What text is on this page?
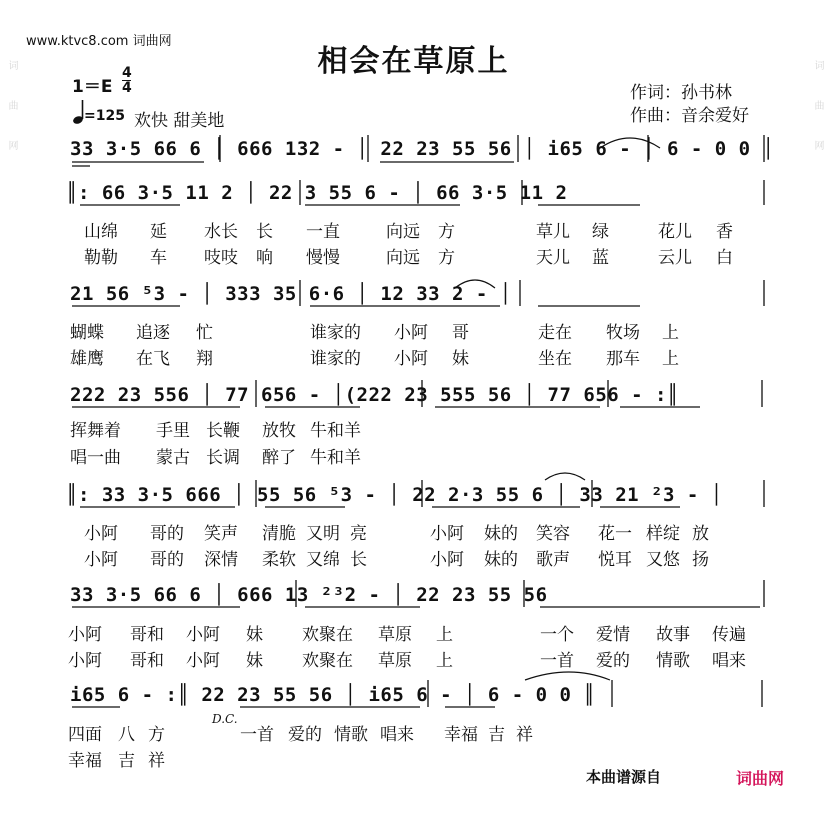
词曲网	词曲网
www.ktvc8.com 词曲网
相会在草原上
1＝E
4
4
=125 欢快 甜美地
作词：孙书林
作曲：音余爱好
33 3·5 66 6 │ 666 132 - │ 22 23 55 56 │ i65 6 - │ 6 - 0 0 │
║: 66 3·5 11 2 │ 22 3 55 6 - │ 66 3·5 11 2
21 56 ⁵3 - │ 333 35 6·6 │ 12 33 2 - │
222 23 556 │ 77 656 - │(222 23 555 56 │ 77 656 - :║
║: 33 3·5 666 │ 55 56 ⁵3 - │ 22 2·3 55 6 │ 33 21 ²3 - │
33 3·5 66 6 │ 666 13 ²³2 - │ 22 23 55 56
i65 6 - :║ 22 23 55 56 │ i65 6 - │ 6 - 0 0 ║
山绵 延 水长 长 一直	向远 方	草儿 绿	花儿 香
勒勒 车 吱吱 响 慢慢	向远 方	天儿 蓝	云儿 白
蝴蝶 追逐 忙	谁家的 小阿 哥	走在 牧场 上
雄鹰 在飞 翔	谁家的 小阿 妹	坐在 那车 上
挥舞着 手里 长鞭 放牧 牛和羊
唱一曲 蒙古 长调 醉了 牛和羊
小阿 哥的 笑声 清脆 又明 亮	小阿 妹的 笑容 花一 样绽 放
小阿 哥的 深情 柔软 又绵 长	小阿 妹的 歌声 悦耳 又悠 扬
小阿 哥和 小阿 妹 欢聚在 草原 上	一个 爱情 故事 传遍
小阿 哥和 小阿 妹 欢聚在 草原 上	一首 爱的 情歌 唱来
四面 八 方	一首 爱的 情歌 唱来 幸福 吉 祥
幸福 吉 祥
D.C.
本曲谱源自	词曲网
